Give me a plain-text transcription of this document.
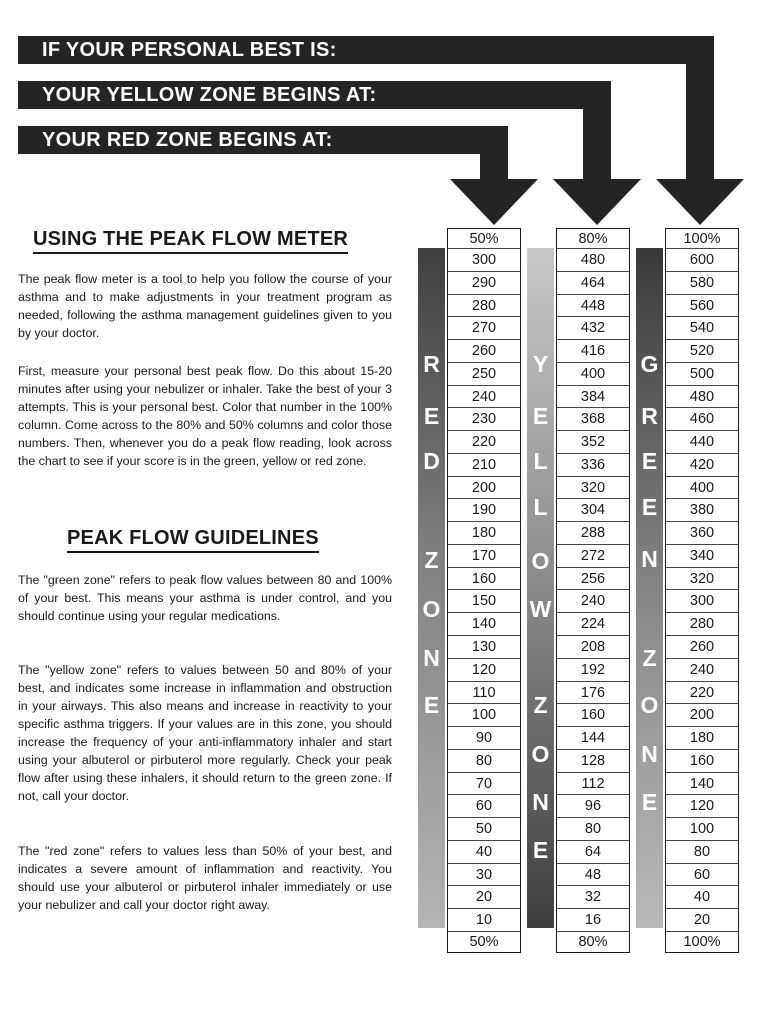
IF YOUR PERSONAL BEST IS:
YOUR YELLOW ZONE BEGINS AT:
YOUR RED ZONE BEGINS AT:
USING THE PEAK FLOW METER

The peak flow meter is a tool to help you follow the course of your asthma and to make adjustments in your treatment program as needed, following the asthma management guidelines given to you by your doctor.

First, measure your personal best peak flow. Do this about 15-20 minutes after using your nebulizer or inhaler. Take the best of your 3 attempts. This is your personal best. Color that number in the 100% column. Come across to the 80% and 50% columns and color those numbers. Then, whenever you do a peak flow reading, look across the chart to see if your score is in the green, yellow or red zone.

PEAK FLOW GUIDELINES

The "green zone" refers to peak flow values between 80 and 100% of your best. This means your asthma is under control, and you should continue using your regular medications.

The "yellow zone" refers to values between 50 and 80% of your best, and indicates some increase in inflammation and obstruction in your airways. This also means and increase in reactivity to your specific asthma triggers. If your values are in this zone, you should increase the frequency of your anti-inflammatory inhaler and start using your albuterol or pirbuterol more regularly. Check your peak flow after using these inhalers, it should return to the green zone. If not, call your doctor.

The "red zone" refers to values less than 50% of your best, and indicates a severe amount of inflammation and reactivity. You should use your albuterol or pirbuterol inhaler immediately or use your nebulizer and call your doctor right away.

R
E
D
Z
O
N
E
Y
E
L
L
O
W
Z
O
N
E
G
R
E
E
N
Z
O
N
E
50%
300
290
280
270
260
250
240
230
220
210
200
190
180
170
160
150
140
130
120
110
100
90
80
70
60
50
40
30
20
10
50%
80%
480
464
448
432
416
400
384
368
352
336
320
304
288
272
256
240
224
208
192
176
160
144
128
112
96
80
64
48
32
16
80%
100%
600
580
560
540
520
500
480
460
440
420
400
380
360
340
320
300
280
260
240
220
200
180
160
140
120
100
80
60
40
20
100%
